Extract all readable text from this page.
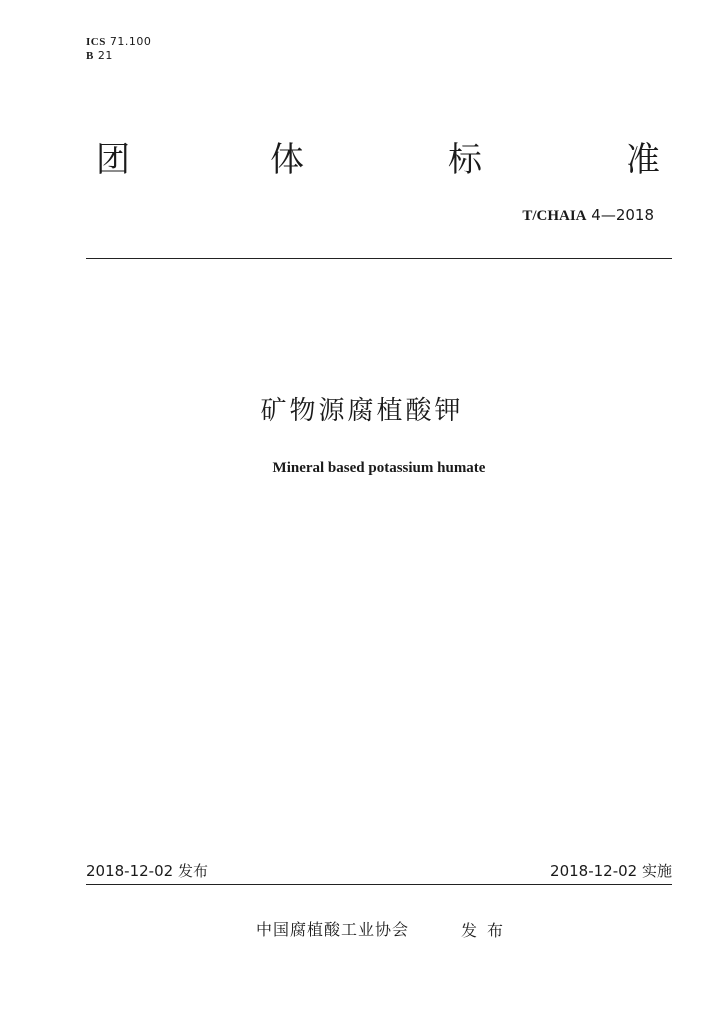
ICS 71.100
B 21
团	体	标	准
T/CHAIA 4—2018
矿物源腐植酸钾
Mineral based potassium humate
2018-12-02 发布	2018-12-02 实施
中国腐植酸工业协会	发布
